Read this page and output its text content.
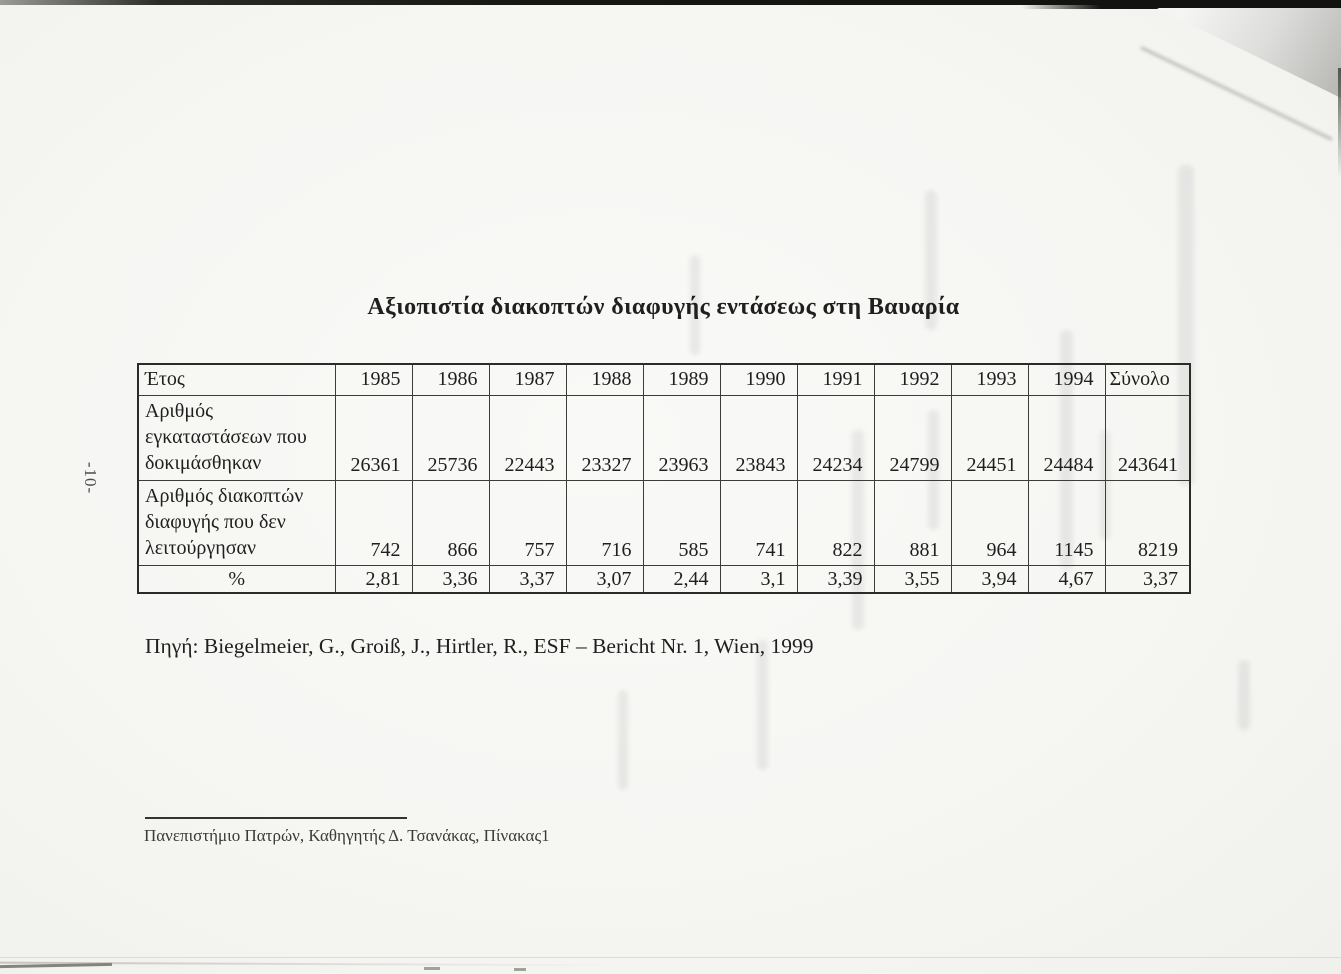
-10-
Αξιοπιστία διακοπτών διαφυγής εντάσεως στη Βαυαρία
Έτος	1985	1986	1987	1988	1989	1990	1991	1992	1993	1994	Σύνολο
Αριθμός εγκαταστάσεων που δοκιμάσθηκαν	26361	25736	22443	23327	23963	23843	24234	24799	24451	24484	243641
Αριθμός διακοπτών διαφυγής που δεν λειτούργησαν	742	866	757	716	585	741	822	881	964	1145	8219
%	2,81	3,36	3,37	3,07	2,44	3,1	3,39	3,55	3,94	4,67	3,37

Πηγή: Biegelmeier, G., Groiß, J., Hirtler, R., ESF – Bericht Nr. 1, Wien, 1999

Πανεπιστήμιο Πατρών, Καθηγητής Δ. Τσανάκας, Πίνακας1
